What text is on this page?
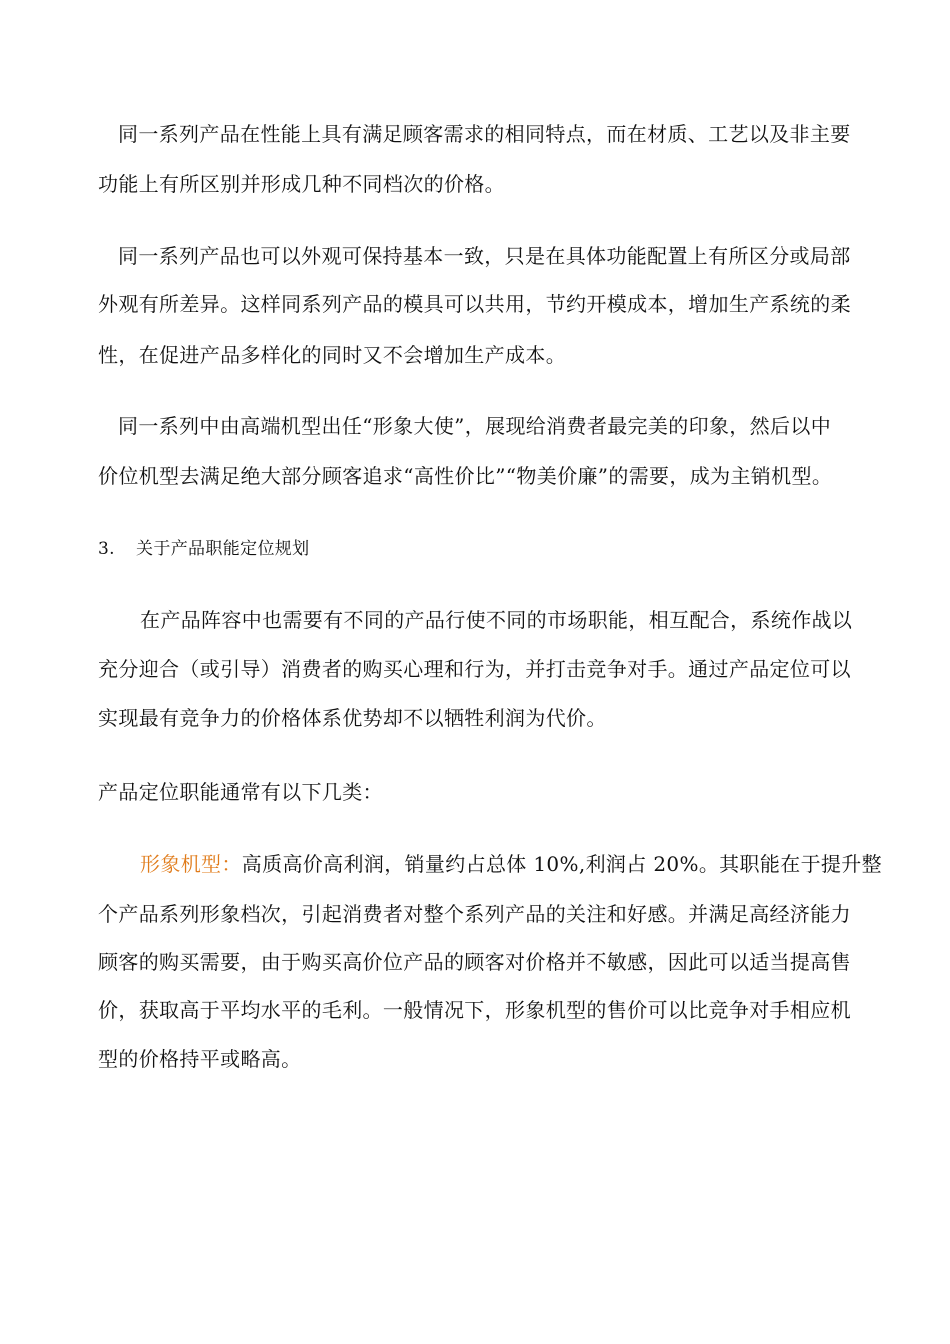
同一系列产品在性能上具有满足顾客需求的相同特点，而在材质、工艺以及非主要
功能上有所区别并形成几种不同档次的价格。
同一系列产品也可以外观可保持基本一致，只是在具体功能配置上有所区分或局部
外观有所差异。这样同系列产品的模具可以共用，节约开模成本，增加生产系统的柔
性，在促进产品多样化的同时又不会增加生产成本。
同一系列中由高端机型出任“形象大使”，展现给消费者最完美的印象，然后以中
价位机型去满足绝大部分顾客追求“高性价比”“物美价廉”的需要，成为主销机型。
3. 关于产品职能定位规划
在产品阵容中也需要有不同的产品行使不同的市场职能，相互配合，系统作战以
充分迎合（或引导）消费者的购买心理和行为，并打击竞争对手。通过产品定位可以
实现最有竞争力的价格体系优势却不以牺牲利润为代价。
产品定位职能通常有以下几类：
形象机型：高质高价高利润，销量约占总体 10%,利润占 20%。其职能在于提升整
个产品系列形象档次，引起消费者对整个系列产品的关注和好感。并满足高经济能力
顾客的购买需要，由于购买高价位产品的顾客对价格并不敏感，因此可以适当提高售
价，获取高于平均水平的毛利。一般情况下，形象机型的售价可以比竞争对手相应机
型的价格持平或略高。
